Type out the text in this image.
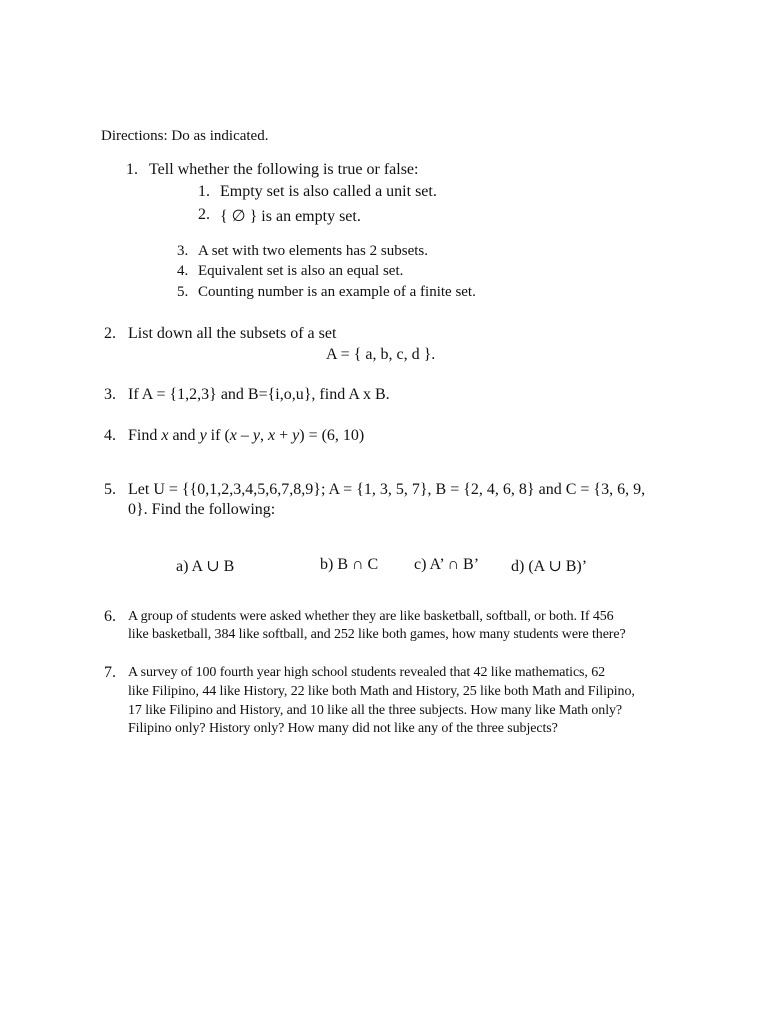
Directions: Do as indicated.
1. Tell whether the following is true or false:
1. Empty set is also called a unit set.
2. { ∅ } is an empty set.
3. A set with two elements has 2 subsets.
4. Equivalent set is also an equal set.
5. Counting number is an example of a finite set.
2. List down all the subsets of a set
A = { a, b, c, d }.
3. If A = {1,2,3} and B={i,o,u}, find A x B.
4. Find x and y if (x – y, x + y) = (6, 10)
5. Let U = {{0,1,2,3,4,5,6,7,8,9}; A = {1, 3, 5, 7}, B = {2, 4, 6, 8} and C = {3, 6, 9,
0}. Find the following:
a) A ∪ B	b) B ∩ C c) A’ ∩ B’ d) (A ∪ B)’
6. A group of students were asked whether they are like basketball, softball, or both. If 456
like basketball, 384 like softball, and 252 like both games, how many students were there?
7. A survey of 100 fourth year high school students revealed that 42 like mathematics, 62
like Filipino, 44 like History, 22 like both Math and History, 25 like both Math and Filipino,
17 like Filipino and History, and 10 like all the three subjects. How many like Math only?
Filipino only? History only? How many did not like any of the three subjects?
